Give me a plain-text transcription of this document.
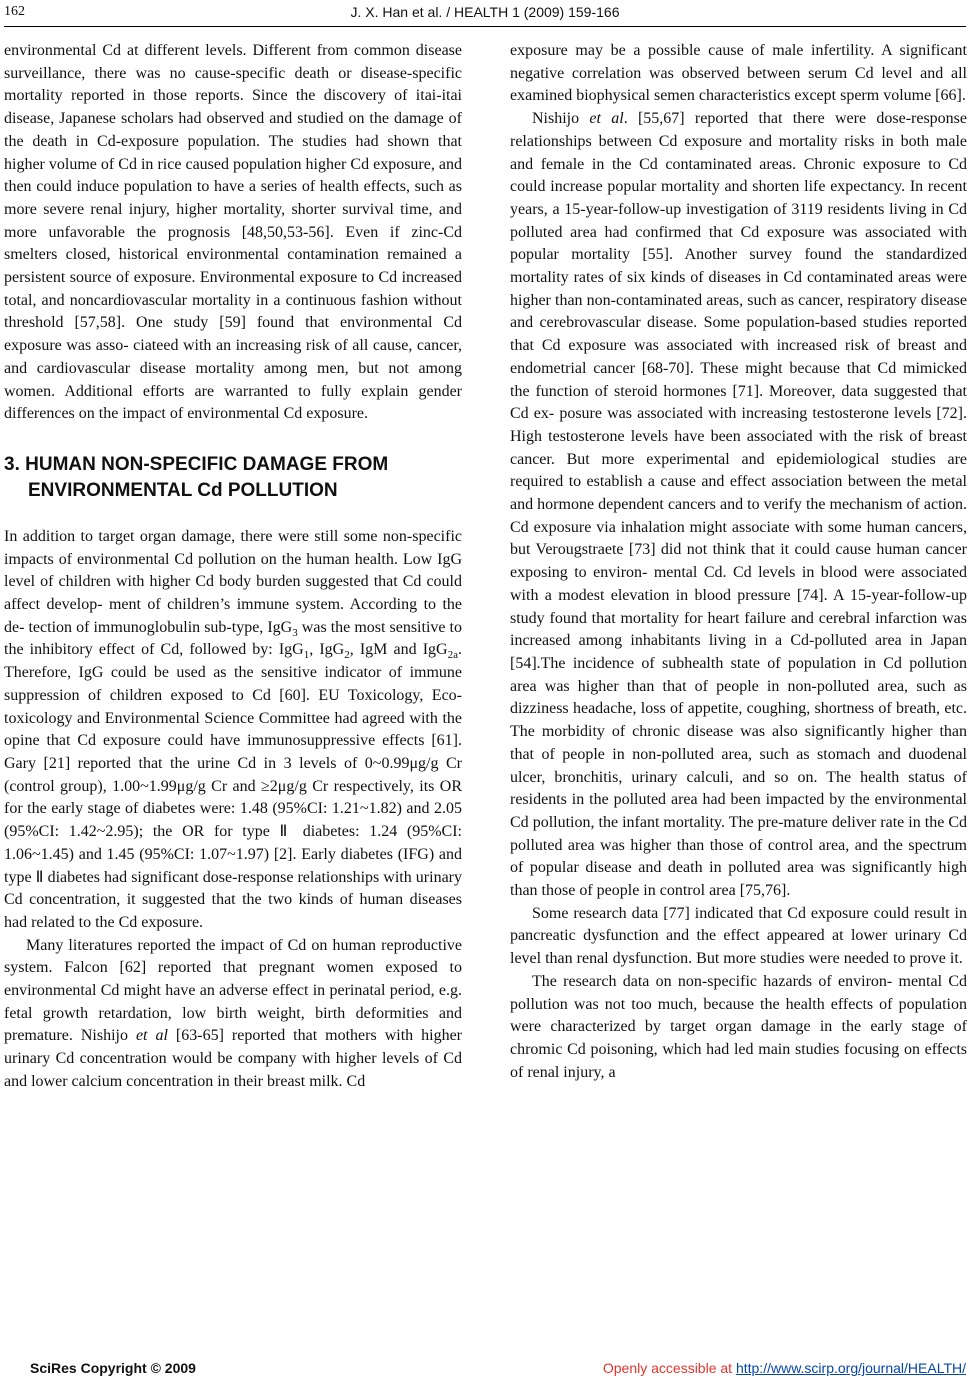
162	J. X. Han et al. / HEALTH 1 (2009) 159-166

environmental Cd at different levels. Different from common disease surveillance, there was no cause-specific death or disease-specific mortality reported in those reports. Since the discovery of itai-itai disease, Japanese scholars had observed and studied on the damage of the death in Cd-exposure population. The studies had shown that higher volume of Cd in rice caused population higher Cd exposure, and then could induce population to have a series of health effects, such as more severe renal injury, higher mortality, shorter survival time, and more unfavorable the prognosis [48,50,53-56]. Even if zinc-Cd smelters closed, historical environmental contamination remained a persistent source of exposure. Environmental exposure to Cd increased total, and noncardiovascular mortality in a continuous fashion without threshold [57,58]. One study [59] found that environmental Cd exposure was asso- ciateed with an increasing risk of all cause, cancer, and cardiovascular disease mortality among men, but not among women. Additional efforts are warranted to fully explain gender differences on the impact of environmental Cd exposure.

3. HUMAN NON-SPECIFIC DAMAGE FROM
ENVIRONMENTAL Cd POLLUTION

In addition to target organ damage, there were still some non-specific impacts of environmental Cd pollution on the human health. Low IgG level of children with higher Cd body burden suggested that Cd could affect develop- ment of children’s immune system. According to the de- tection of immunoglobulin sub-type, IgG$_3$ was the most sensitive to the inhibitory effect of Cd, followed by: IgG$_1$, IgG$_2$, IgM and IgG$_{2a}$. Therefore, IgG could be used as the sensitive indicator of immune suppression of children exposed to Cd [60]. EU Toxicology, Eco-toxicology and Environmental Science Committee had agreed with the opine that Cd exposure could have immunosuppressive effects [61]. Gary [21] reported that the urine Cd in 3 levels of 0~0.99μg/g Cr (control group), 1.00~1.99μg/g Cr and ≥2μg/g Cr respectively, its OR for the early stage of diabetes were: 1.48 (95%CI: 1.21~1.82) and 2.05 (95%CI: 1.42~2.95); the OR for type Ⅱ diabetes: 1.24 (95%CI: 1.06~1.45) and 1.45 (95%CI: 1.07~1.97) [2]. Early diabetes (IFG) and type Ⅱ diabetes had significant dose-response relationships with urinary Cd concentration, it suggested that the two kinds of human diseases had related to the Cd exposure.

Many literatures reported the impact of Cd on human reproductive system. Falcon [62] reported that pregnant women exposed to environmental Cd might have an adverse effect in perinatal period, e.g. fetal growth retardation, low birth weight, birth deformities and premature. Nishijo et al [63-65] reported that mothers with higher urinary Cd concentration would be company with higher levels of Cd and lower calcium concentration in their breast milk. Cd

exposure may be a possible cause of male infertility. A significant negative correlation was observed between serum Cd level and all examined biophysical semen characteristics except sperm volume [66].

Nishijo et al. [55,67] reported that there were dose-response relationships between Cd exposure and mortality risks in both male and female in the Cd contaminated areas. Chronic exposure to Cd could increase popular mortality and shorten life expectancy. In recent years, a 15-year-follow-up investigation of 3119 residents living in Cd polluted area had confirmed that Cd exposure was associated with popular mortality [55]. Another survey found the standardized mortality rates of six kinds of diseases in Cd contaminated areas were higher than non-contaminated areas, such as cancer, respiratory disease and cerebrovascular disease. Some population-based studies reported that Cd exposure was associated with increased risk of breast and endometrial cancer [68-70]. These might because that Cd mimicked the function of steroid hormones [71]. Moreover, data suggested that Cd ex- posure was associated with increasing testosterone levels [72]. High testosterone levels have been associated with the risk of breast cancer. But more experimental and epidemiological studies are required to establish a cause and effect association between the metal and hormone dependent cancers and to verify the mechanism of action. Cd exposure via inhalation might associate with some human cancers, but Verougstraete [73] did not think that it could cause human cancer exposing to environ- mental Cd. Cd levels in blood were associated with a modest elevation in blood pressure [74]. A 15-year-follow-up study found that mortality for heart failure and cerebral infarction was increased among inhabitants living in a Cd-polluted area in Japan [54].The incidence of subhealth state of population in Cd pollution area was higher than that of people in non-polluted area, such as dizziness headache, loss of appetite, coughing, shortness of breath, etc. The morbidity of chronic disease was also significantly higher than that of people in non-polluted area, such as stomach and duodenal ulcer, bronchitis, urinary calculi, and so on. The health status of residents in the polluted area had been impacted by the environmental Cd pollution, the infant mortality. The pre-mature deliver rate in the Cd polluted area was higher than those of control area, and the spectrum of popular disease and death in polluted area was significantly high than those of people in control area [75,76].

Some research data [77] indicated that Cd exposure could result in pancreatic dysfunction and the effect appeared at lower urinary Cd level than renal dysfunction. But more studies were needed to prove it.

The research data on non-specific hazards of environ- mental Cd pollution was not too much, because the health effects of population were characterized by target organ damage in the early stage of chromic Cd poisoning, which had led main studies focusing on effects of renal injury, a

SciRes Copyright © 2009	Openly accessible at http://www.scirp.org/journal/HEALTH/
